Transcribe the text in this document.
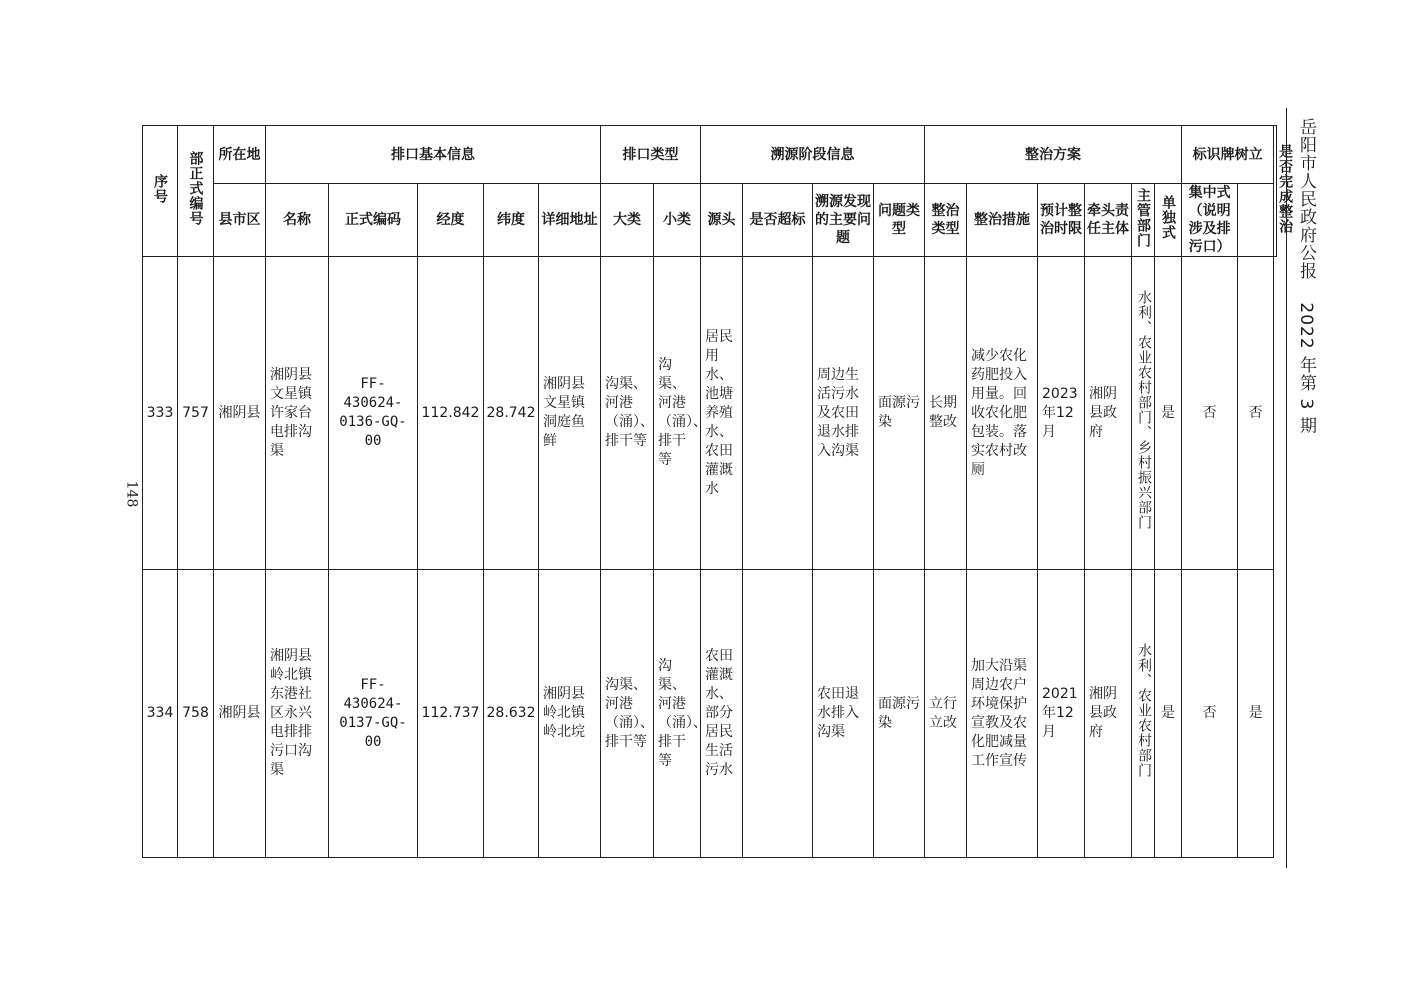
岳阳市人民政府公报 2022 年第 3 期
148
序号	部正式编号	所在地	排口基本信息					排口类型		溯源阶段信息				整治方案						标识牌树立		是否完成整治
		县市区	名称	正式编码	经度	纬度	详细地址	大类	小类	源头	是否超标	溯源发现的主要问题	问题类型	整治类型	整治措施	预计整治时限	牵头责任主体	主管部门	单独式	集中式（说明涉及排污口）		
333	757	湘阴县	湘阴县文星镇许家台电排沟渠	FF-430624-0136-GQ-00	112.842	28.742	湘阴县文星镇洞庭鱼鲜	沟渠、河港（涌）、排干等	沟渠、河港（涌）、排干等	居民用水、池塘养殖水、农田灌溉水		周边生活污水及农田退水排入沟渠	面源污染	长期整改	减少农化药肥投入用量。回收农化肥包装。落实农村改厕	2023年12月	湘阴县政府	水利、农业农村部门、乡村振兴部门	是	否	否	
334	758	湘阴县	湘阴县岭北镇东港社区永兴电排排污口沟渠	FF-430624-0137-GQ-00	112.737	28.632	湘阴县岭北镇岭北垸	沟渠、河港（涌）、排干等	沟渠、河港（涌）、排干等	农田灌溉水、部分居民生活污水		农田退水排入沟渠	面源污染	立行立改	加大沿渠周边农户环境保护宣教及农化肥减量工作宣传	2021年12月	湘阴县政府	水利、农业农村部门	是	否	是	
